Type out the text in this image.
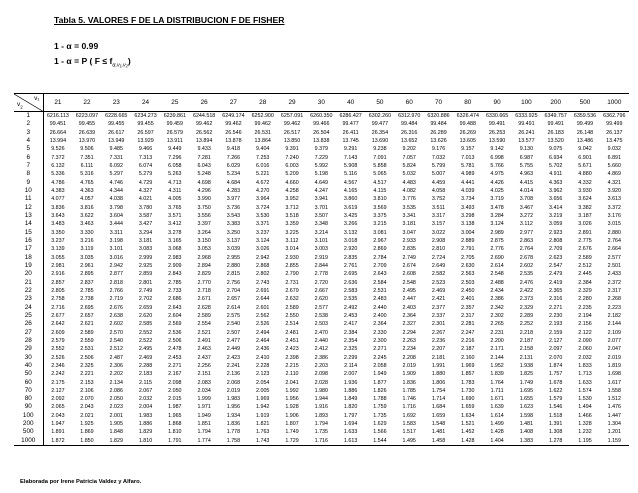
Tabla 5. VALORES F DE LA DISTRIBUCION F DE FISHER
1 - α = 0.99
1 - α = P ( $F \le f_{\alpha,v_1,v_2}$)
v₁
$v_2$	21	22	23	24	25	26	27	28	29	30	40	50	60	70	80	90	100	200	500	1000
1	6216.113	6223.097	6228.665	6234.273	6239.861	6244.518	6249.174	6252.900	6257.091	6260.350	6286.427	6302.260	6312.970	6320.886	6326.474	6330.665	6333.925	6349.757	6359.536	6362.796
2	99.451	99.455	99.455	99.455	99.459	99.462	99.462	99.462	99.462	99.466	99.477	99.477	99.484	99.484	99.488	99.491	99.491	99.491	99.499	99.499
3	26.664	26.639	26.617	26.597	26.579	26.562	26.546	26.531	26.517	26.504	26.411	26.354	26.316	26.289	26.269	26.253	26.241	26.183	26.148	26.137
4	13.994	13.970	13.949	13.929	13.911	13.894	13.878	13.864	13.850	13.838	13.745	13.690	13.652	13.626	13.605	13.590	13.577	13.520	13.486	13.475
5	9.526	9.506	9.485	9.466	9.449	9.433	9.418	9.404	9.391	9.379	9.291	9.238	9.202	9.176	9.157	9.142	9.130	9.075	9.042	9.032
6	7.372	7.351	7.331	7.313	7.296	7.281	7.266	7.253	7.240	7.229	7.143	7.091	7.057	7.032	7.013	6.998	6.987	6.934	6.901	6.891
7	6.132	6.111	6.092	6.074	6.058	6.043	6.029	6.016	6.003	5.992	5.908	5.858	5.824	5.799	5.781	5.766	5.755	5.702	5.671	5.660
8	5.336	5.316	5.297	5.279	5.263	5.248	5.234	5.221	5.209	5.198	5.116	5.065	5.032	5.007	4.989	4.975	4.963	4.911	4.880	4.869
9	4.786	4.765	4.746	4.729	4.713	4.698	4.684	4.672	4.660	4.649	4.567	4.517	4.483	4.459	4.441	4.426	4.415	4.363	4.332	4.321
10	4.383	4.363	4.344	4.327	4.311	4.296	4.283	4.270	4.258	4.247	4.165	4.115	4.082	4.058	4.039	4.025	4.014	3.962	3.930	3.920
11	4.077	4.057	4.038	4.021	4.005	3.990	3.977	3.964	3.952	3.941	3.860	3.810	3.776	3.752	3.734	3.719	3.708	3.656	3.624	3.613
12	3.836	3.816	3.798	3.780	3.765	3.750	3.736	3.724	3.712	3.701	3.619	3.569	3.535	3.511	3.493	3.478	3.467	3.414	3.382	3.372
13	3.643	3.622	3.604	3.587	3.571	3.556	3.543	3.530	3.518	3.507	3.425	3.375	3.341	3.317	3.298	3.284	3.272	3.219	3.187	3.176
14	3.483	3.463	3.444	3.427	3.412	3.397	3.383	3.371	3.359	3.348	3.266	3.215	3.181	3.157	3.138	3.124	3.112	3.059	3.026	3.015
15	3.350	3.330	3.311	3.294	3.278	3.264	3.250	3.237	3.225	3.214	3.132	3.081	3.047	3.022	3.004	2.989	2.977	2.923	2.891	2.880
16	3.237	3.216	3.198	3.181	3.165	3.150	3.137	3.124	3.112	3.101	3.018	2.967	2.933	2.908	2.889	2.875	2.863	2.808	2.775	2.764
17	3.139	3.119	3.101	3.083	3.068	3.053	3.039	3.026	3.014	3.003	2.920	2.869	2.835	2.810	2.791	2.776	2.764	2.709	2.676	2.664
18	3.055	3.035	3.016	2.999	2.983	2.968	2.955	2.942	2.930	2.919	2.835	2.784	2.749	2.724	2.705	2.690	2.678	2.623	2.589	2.577
19	2.981	2.961	2.942	2.925	2.909	2.894	2.880	2.868	2.855	2.844	2.761	2.709	2.674	2.649	2.630	2.614	2.602	2.547	2.512	2.501
20	2.916	2.895	2.877	2.859	2.843	2.829	2.815	2.802	2.790	2.778	2.695	2.643	2.608	2.582	2.563	2.548	2.535	2.479	2.445	2.433
21	2.857	2.837	2.818	2.801	2.785	2.770	2.756	2.743	2.731	2.720	2.636	2.584	2.548	2.523	2.503	2.488	2.476	2.419	2.384	2.372
22	2.805	2.785	2.766	2.749	2.733	2.718	2.704	2.691	2.679	2.667	2.583	2.531	2.495	2.469	2.450	2.434	2.422	2.365	2.329	2.317
23	2.758	2.738	2.719	2.702	2.686	2.671	2.657	2.644	2.632	2.620	2.535	2.483	2.447	2.421	2.401	2.386	2.373	2.316	2.280	2.268
24	2.716	2.695	2.676	2.659	2.643	2.628	2.614	2.601	2.589	2.577	2.492	2.440	2.403	2.377	2.357	2.342	2.329	2.271	2.235	2.223
25	2.677	2.657	2.638	2.620	2.604	2.589	2.575	2.562	2.550	2.538	2.453	2.400	2.364	2.337	2.317	2.302	2.289	2.230	2.194	2.182
26	2.642	2.621	2.602	2.585	2.569	2.554	2.540	2.526	2.514	2.503	2.417	2.364	2.327	2.301	2.281	2.265	2.252	2.193	2.156	2.144
27	2.609	2.589	2.570	2.552	2.536	2.521	2.507	2.494	2.481	2.470	2.384	2.330	2.294	2.267	2.247	2.231	2.218	2.159	2.122	2.109
28	2.579	2.559	2.540	2.522	2.506	2.491	2.477	2.464	2.451	2.440	2.354	2.300	2.263	2.236	2.216	2.200	2.187	2.127	2.090	2.077
29	2.552	2.531	2.512	2.495	2.478	2.463	2.449	2.436	2.423	2.412	2.325	2.271	2.234	2.207	2.187	2.171	2.158	2.097	2.060	2.047
30	2.526	2.506	2.487	2.469	2.453	2.437	2.423	2.410	2.398	2.386	2.299	2.245	2.208	2.181	2.160	2.144	2.131	2.070	2.032	2.019
40	2.346	2.325	2.306	2.288	2.271	2.256	2.241	2.228	2.215	2.203	2.114	2.058	2.019	1.991	1.969	1.952	1.938	1.874	1.833	1.819
50	2.242	2.221	2.202	2.183	2.167	2.151	2.136	2.123	2.110	2.098	2.007	1.949	1.909	1.880	1.857	1.839	1.825	1.757	1.713	1.698
60	2.175	2.153	2.134	2.115	2.098	2.083	2.068	2.054	2.041	2.028	1.936	1.877	1.836	1.806	1.783	1.764	1.749	1.678	1.633	1.617
70	2.127	2.106	2.086	2.067	2.050	2.034	2.019	2.005	1.992	1.980	1.886	1.826	1.785	1.754	1.730	1.711	1.695	1.622	1.574	1.558
80	2.092	2.070	2.050	2.032	2.015	1.999	1.983	1.969	1.956	1.944	1.849	1.788	1.746	1.714	1.690	1.671	1.655	1.579	1.530	1.512
90	2.065	2.043	2.023	2.004	1.987	1.971	1.956	1.942	1.928	1.916	1.820	1.759	1.716	1.684	1.659	1.639	1.623	1.546	1.494	1.476
100	2.043	2.021	2.001	1.983	1.965	1.949	1.934	1.919	1.906	1.893	1.797	1.735	1.692	1.659	1.634	1.614	1.598	1.518	1.466	1.447
200	1.947	1.925	1.905	1.886	1.868	1.851	1.836	1.821	1.807	1.794	1.694	1.629	1.583	1.548	1.521	1.499	1.481	1.391	1.328	1.304
500	1.891	1.869	1.848	1.829	1.810	1.794	1.778	1.763	1.749	1.735	1.633	1.566	1.517	1.481	1.452	1.428	1.408	1.308	1.232	1.201
1000	1.872	1.850	1.829	1.810	1.791	1.774	1.758	1.743	1.729	1.716	1.613	1.544	1.495	1.458	1.428	1.404	1.383	1.278	1.195	1.159
Elaborada por Irene Patricia Valdez y Alfaro.
